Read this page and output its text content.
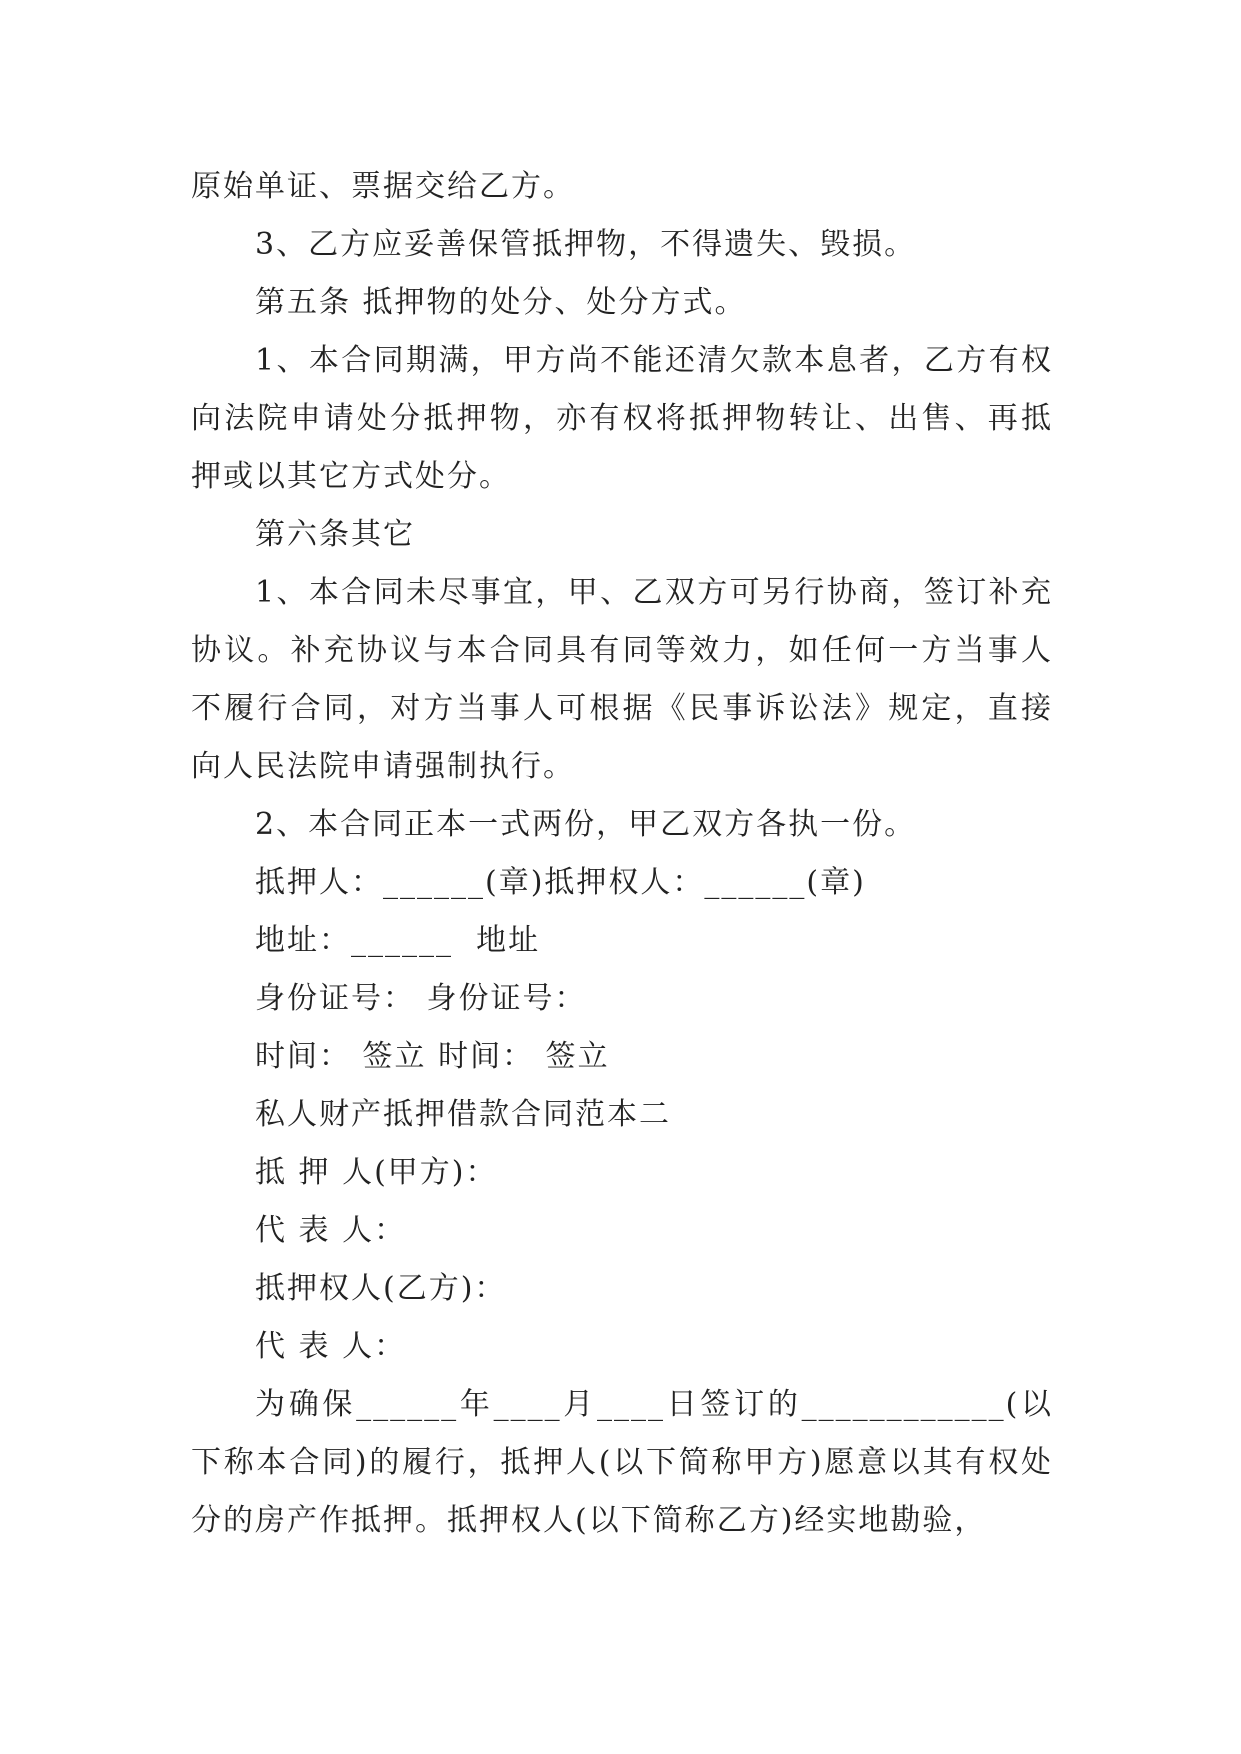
原始单证、票据交给乙方。

3、乙方应妥善保管抵押物，不得遗失、毁损。

第五条 抵押物的处分、处分方式。

1、本合同期满，甲方尚不能还清欠款本息者，乙方有权向法院申请处分抵押物，亦有权将抵押物转让、出售、再抵押或以其它方式处分。

第六条其它

1、本合同未尽事宜，甲、乙双方可另行协商，签订补充协议。补充协议与本合同具有同等效力，如任何一方当事人不履行合同，对方当事人可根据《民事诉讼法》规定，直接向人民法院申请强制执行。

2、本合同正本一式两份，甲乙双方各执一份。

抵押人：______(章)抵押权人：______(章)

地址：______  地址

身份证号： 身份证号：

时间： 签立 时间： 签立

私人财产抵押借款合同范本二

抵 押 人(甲方)：

代 表 人：

抵押权人(乙方)：

代 表 人：

为确保______年____月____日签订的____________(以下称本合同)的履行，抵押人(以下简称甲方)愿意以其有权处分的房产作抵押。抵押权人(以下简称乙方)经实地勘验，
